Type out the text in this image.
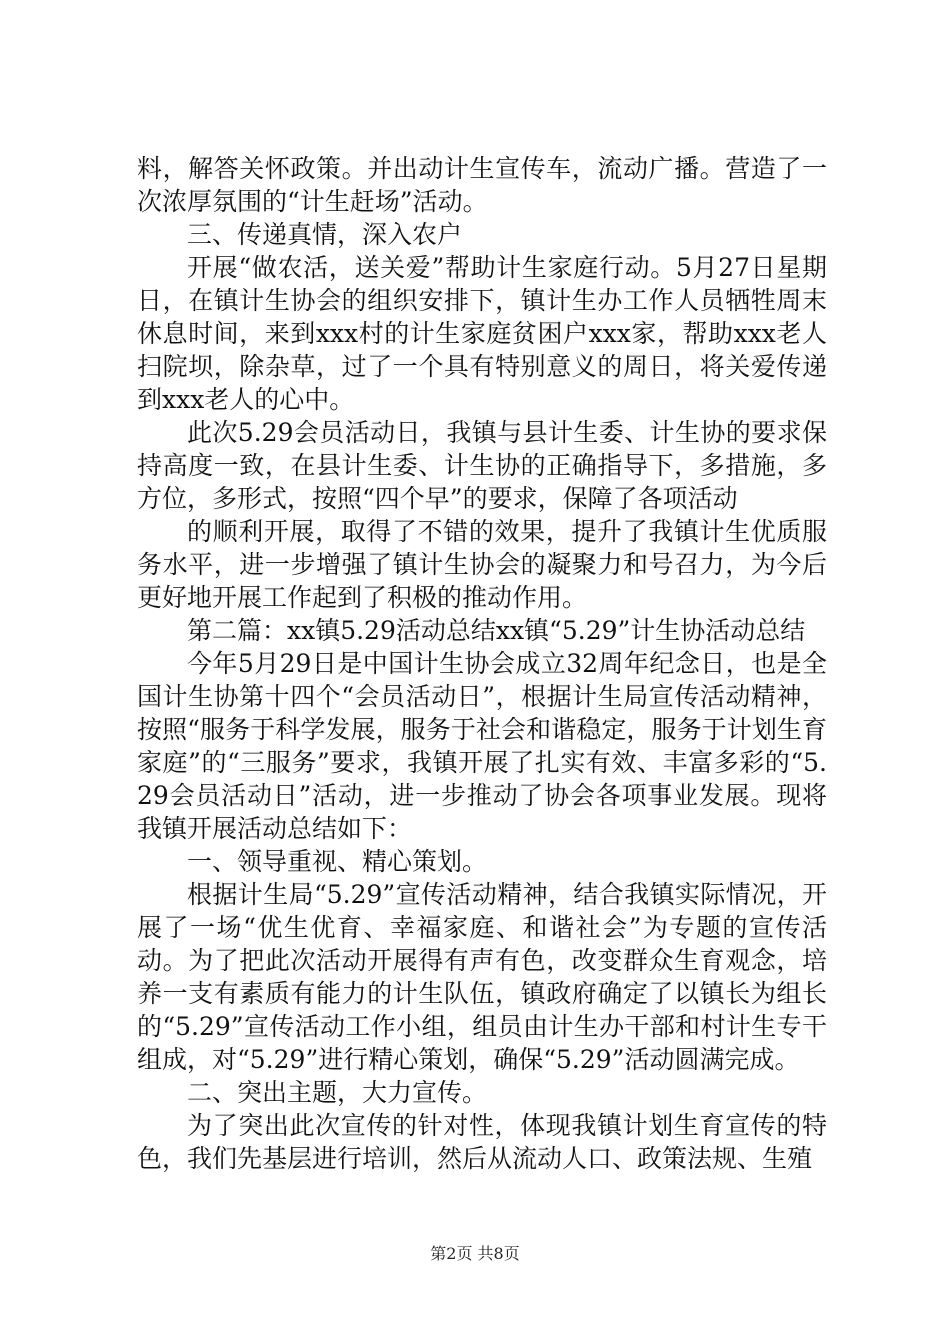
料，解答关怀政策。并出动计生宣传车，流动广播。营造了一次浓厚氛围的“计生赶场”活动。

三、传递真情，深入农户

开展“做农活，送关爱”帮助计生家庭行动。5月27日星期日，在镇计生协会的组织安排下，镇计生办工作人员牺牲周末休息时间，来到xxx村的计生家庭贫困户xxx家，帮助xxx老人扫院坝，除杂草，过了一个具有特别意义的周日，将关爱传递到xxx老人的心中。

此次5.29会员活动日，我镇与县计生委、计生协的要求保持高度一致，在县计生委、计生协的正确指导下，多措施，多方位，多形式，按照“四个早”的要求，保障了各项活动

的顺利开展，取得了不错的效果，提升了我镇计生优质服务水平，进一步增强了镇计生协会的凝聚力和号召力，为今后更好地开展工作起到了积极的推动作用。

第二篇：xx镇5.29活动总结xx镇“5.29”计生协活动总结

今年5月29日是中国计生协会成立32周年纪念日，也是全国计生协第十四个“会员活动日”，根据计生局宣传活动精神，按照“服务于科学发展，服务于社会和谐稳定，服务于计划生育家庭”的“三服务”要求，我镇开展了扎实有效、丰富多彩的“5.29会员活动日”活动，进一步推动了协会各项事业发展。现将我镇开展活动总结如下：

一、领导重视、精心策划。

根据计生局“5.29”宣传活动精神，结合我镇实际情况，开展了一场“优生优育、幸福家庭、和谐社会”为专题的宣传活动。为了把此次活动开展得有声有色，改变群众生育观念，培养一支有素质有能力的计生队伍，镇政府确定了以镇长为组长的“5.29”宣传活动工作小组，组员由计生办干部和村计生专干组成，对“5.29”进行精心策划，确保“5.29”活动圆满完成。

二、突出主题，大力宣传。

为了突出此次宣传的针对性，体现我镇计划生育宣传的特色，我们先基层进行培训，然后从流动人口、政策法规、生殖

第2页 共8页
